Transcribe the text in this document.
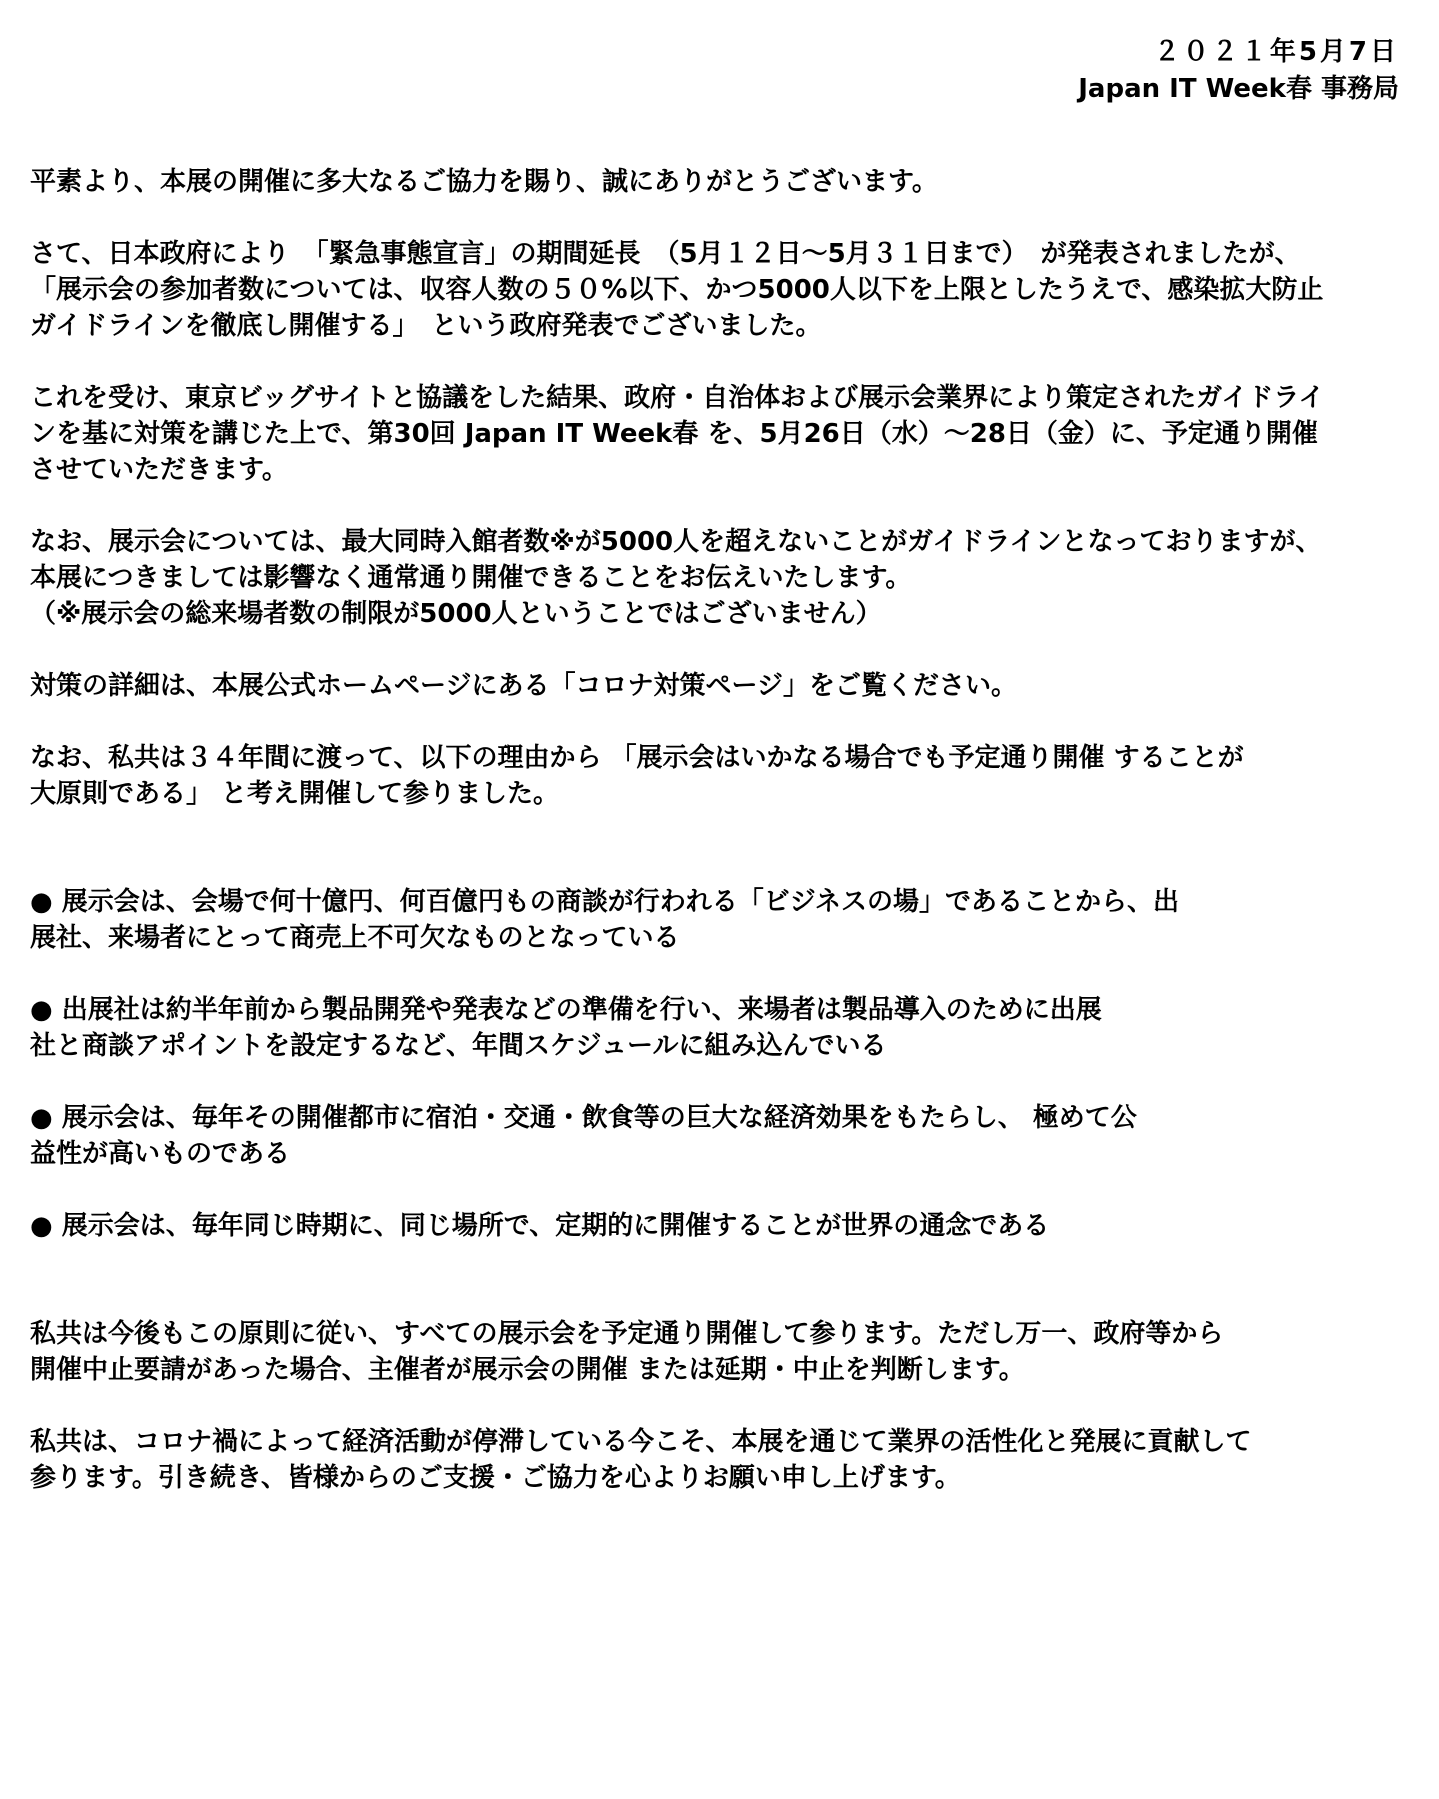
２０２１年5月7日
Japan IT Week春 事務局
平素より、本展の開催に多大なるご協力を賜り、誠にありがとうございます。
さて、日本政府により　「緊急事態宣言」の期間延長　（5月１２日～5月３１日まで）　が発表されましたが、
「展示会の参加者数については、収容人数の５０%以下、かつ5000人以下を上限としたうえで、感染拡大防止
ガイドラインを徹底し開催する」　という政府発表でございました。
これを受け、東京ビッグサイトと協議をした結果、政府・自治体および展示会業界により策定されたガイドライ
ンを基に対策を講じた上で、第30回 Japan IT Week春 を、5月26日（水）～28日（金）に、予定通り開催
させていただきます。
なお、展示会については、最大同時入館者数※が5000人を超えないことがガイドラインとなっておりますが、
本展につきましては影響なく通常通り開催できることをお伝えいたします。
（※展示会の総来場者数の制限が5000人ということではございません）
対策の詳細は、本展公式ホームページにある「コロナ対策ページ」をご覧ください。
なお、私共は３４年間に渡って、以下の理由から 「展示会はいかなる場合でも予定通り開催 することが
大原則である」 と考え開催して参りました。
● 展示会は、会場で何十億円、何百億円もの商談が行われる「ビジネスの場」であることから、出
展社、来場者にとって商売上不可欠なものとなっている
● 出展社は約半年前から製品開発や発表などの準備を行い、来場者は製品導入のために出展
社と商談アポイントを設定するなど、年間スケジュールに組み込んでいる
● 展示会は、毎年その開催都市に宿泊・交通・飲食等の巨大な経済効果をもたらし、 極めて公
益性が高いものである
● 展示会は、毎年同じ時期に、同じ場所で、定期的に開催することが世界の通念である
私共は今後もこの原則に従い、すべての展示会を予定通り開催して参ります。ただし万一、政府等から
開催中止要請があった場合、主催者が展示会の開催 または延期・中止を判断します。
私共は、コロナ禍によって経済活動が停滞している今こそ、本展を通じて業界の活性化と発展に貢献して
参ります。引き続き、皆様からのご支援・ご協力を心よりお願い申し上げます。
